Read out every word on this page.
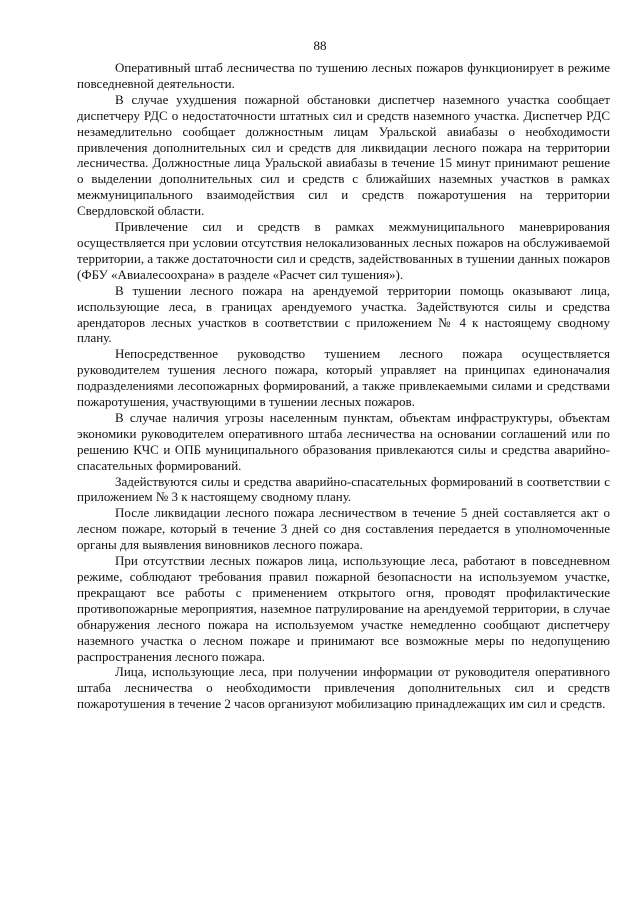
88

Оперативный штаб лесничества по тушению лесных пожаров функционирует в режиме повседневной деятельности.

В случае ухудшения пожарной обстановки диспетчер наземного участка сообщает диспетчеру РДС о недостаточности штатных сил и средств наземного участка. Диспетчер РДС незамедлительно сообщает должностным лицам Уральской авиабазы о необходимости привлечения дополнительных сил и средств для ликвидации лесного пожара на территории лесничества. Должностные лица Уральской авиабазы в течение 15 минут принимают решение о выделении дополнительных сил и средств с ближайших наземных участков в рамках межмуниципального взаимодействия сил и средств пожаротушения на территории Свердловской области.

Привлечение сил и средств в рамках межмуниципального маневрирования осуществляется при условии отсутствия нелокализованных лесных пожаров на обслуживаемой территории, а также достаточности сил и средств, задействованных в тушении данных пожаров (ФБУ «Авиалесоохрана» в разделе «Расчет сил тушения»).

В тушении лесного пожара на арендуемой территории помощь оказывают лица, использующие леса, в границах арендуемого участка. Задействуются силы и средства арендаторов лесных участков в соответствии с приложением № 4 к настоящему сводному плану.

Непосредственное руководство тушением лесного пожара осуществляется руководителем тушения лесного пожара, который управляет на принципах единоначалия подразделениями лесопожарных формирований, а также привлекаемыми силами и средствами пожаротушения, участвующими в тушении лесных пожаров.

В случае наличия угрозы населенным пунктам, объектам инфраструктуры, объектам экономики руководителем оперативного штаба лесничества на основании соглашений или по решению КЧС и ОПБ муниципального образования привлекаются силы и средства аварийно-спасательных формирований.

Задействуются силы и средства аварийно-спасательных формирований в соответствии с приложением № 3 к настоящему сводному плану.

После ликвидации лесного пожара лесничеством в течение 5 дней составляется акт о лесном пожаре, который в течение 3 дней со дня составления передается в уполномоченные органы для выявления виновников лесного пожара.

При отсутствии лесных пожаров лица, использующие леса, работают в повседневном режиме, соблюдают требования правил пожарной безопасности на используемом участке, прекращают все работы с применением открытого огня, проводят профилактические противопожарные мероприятия, наземное патрулирование на арендуемой территории, в случае обнаружения лесного пожара на используемом участке немедленно сообщают диспетчеру наземного участка о лесном пожаре и принимают все возможные меры по недопущению распространения лесного пожара.

Лица, использующие леса, при получении информации от руководителя оперативного штаба лесничества о необходимости привлечения дополнительных сил и средств пожаротушения в течение 2 часов организуют мобилизацию принадлежащих им сил и средств.
